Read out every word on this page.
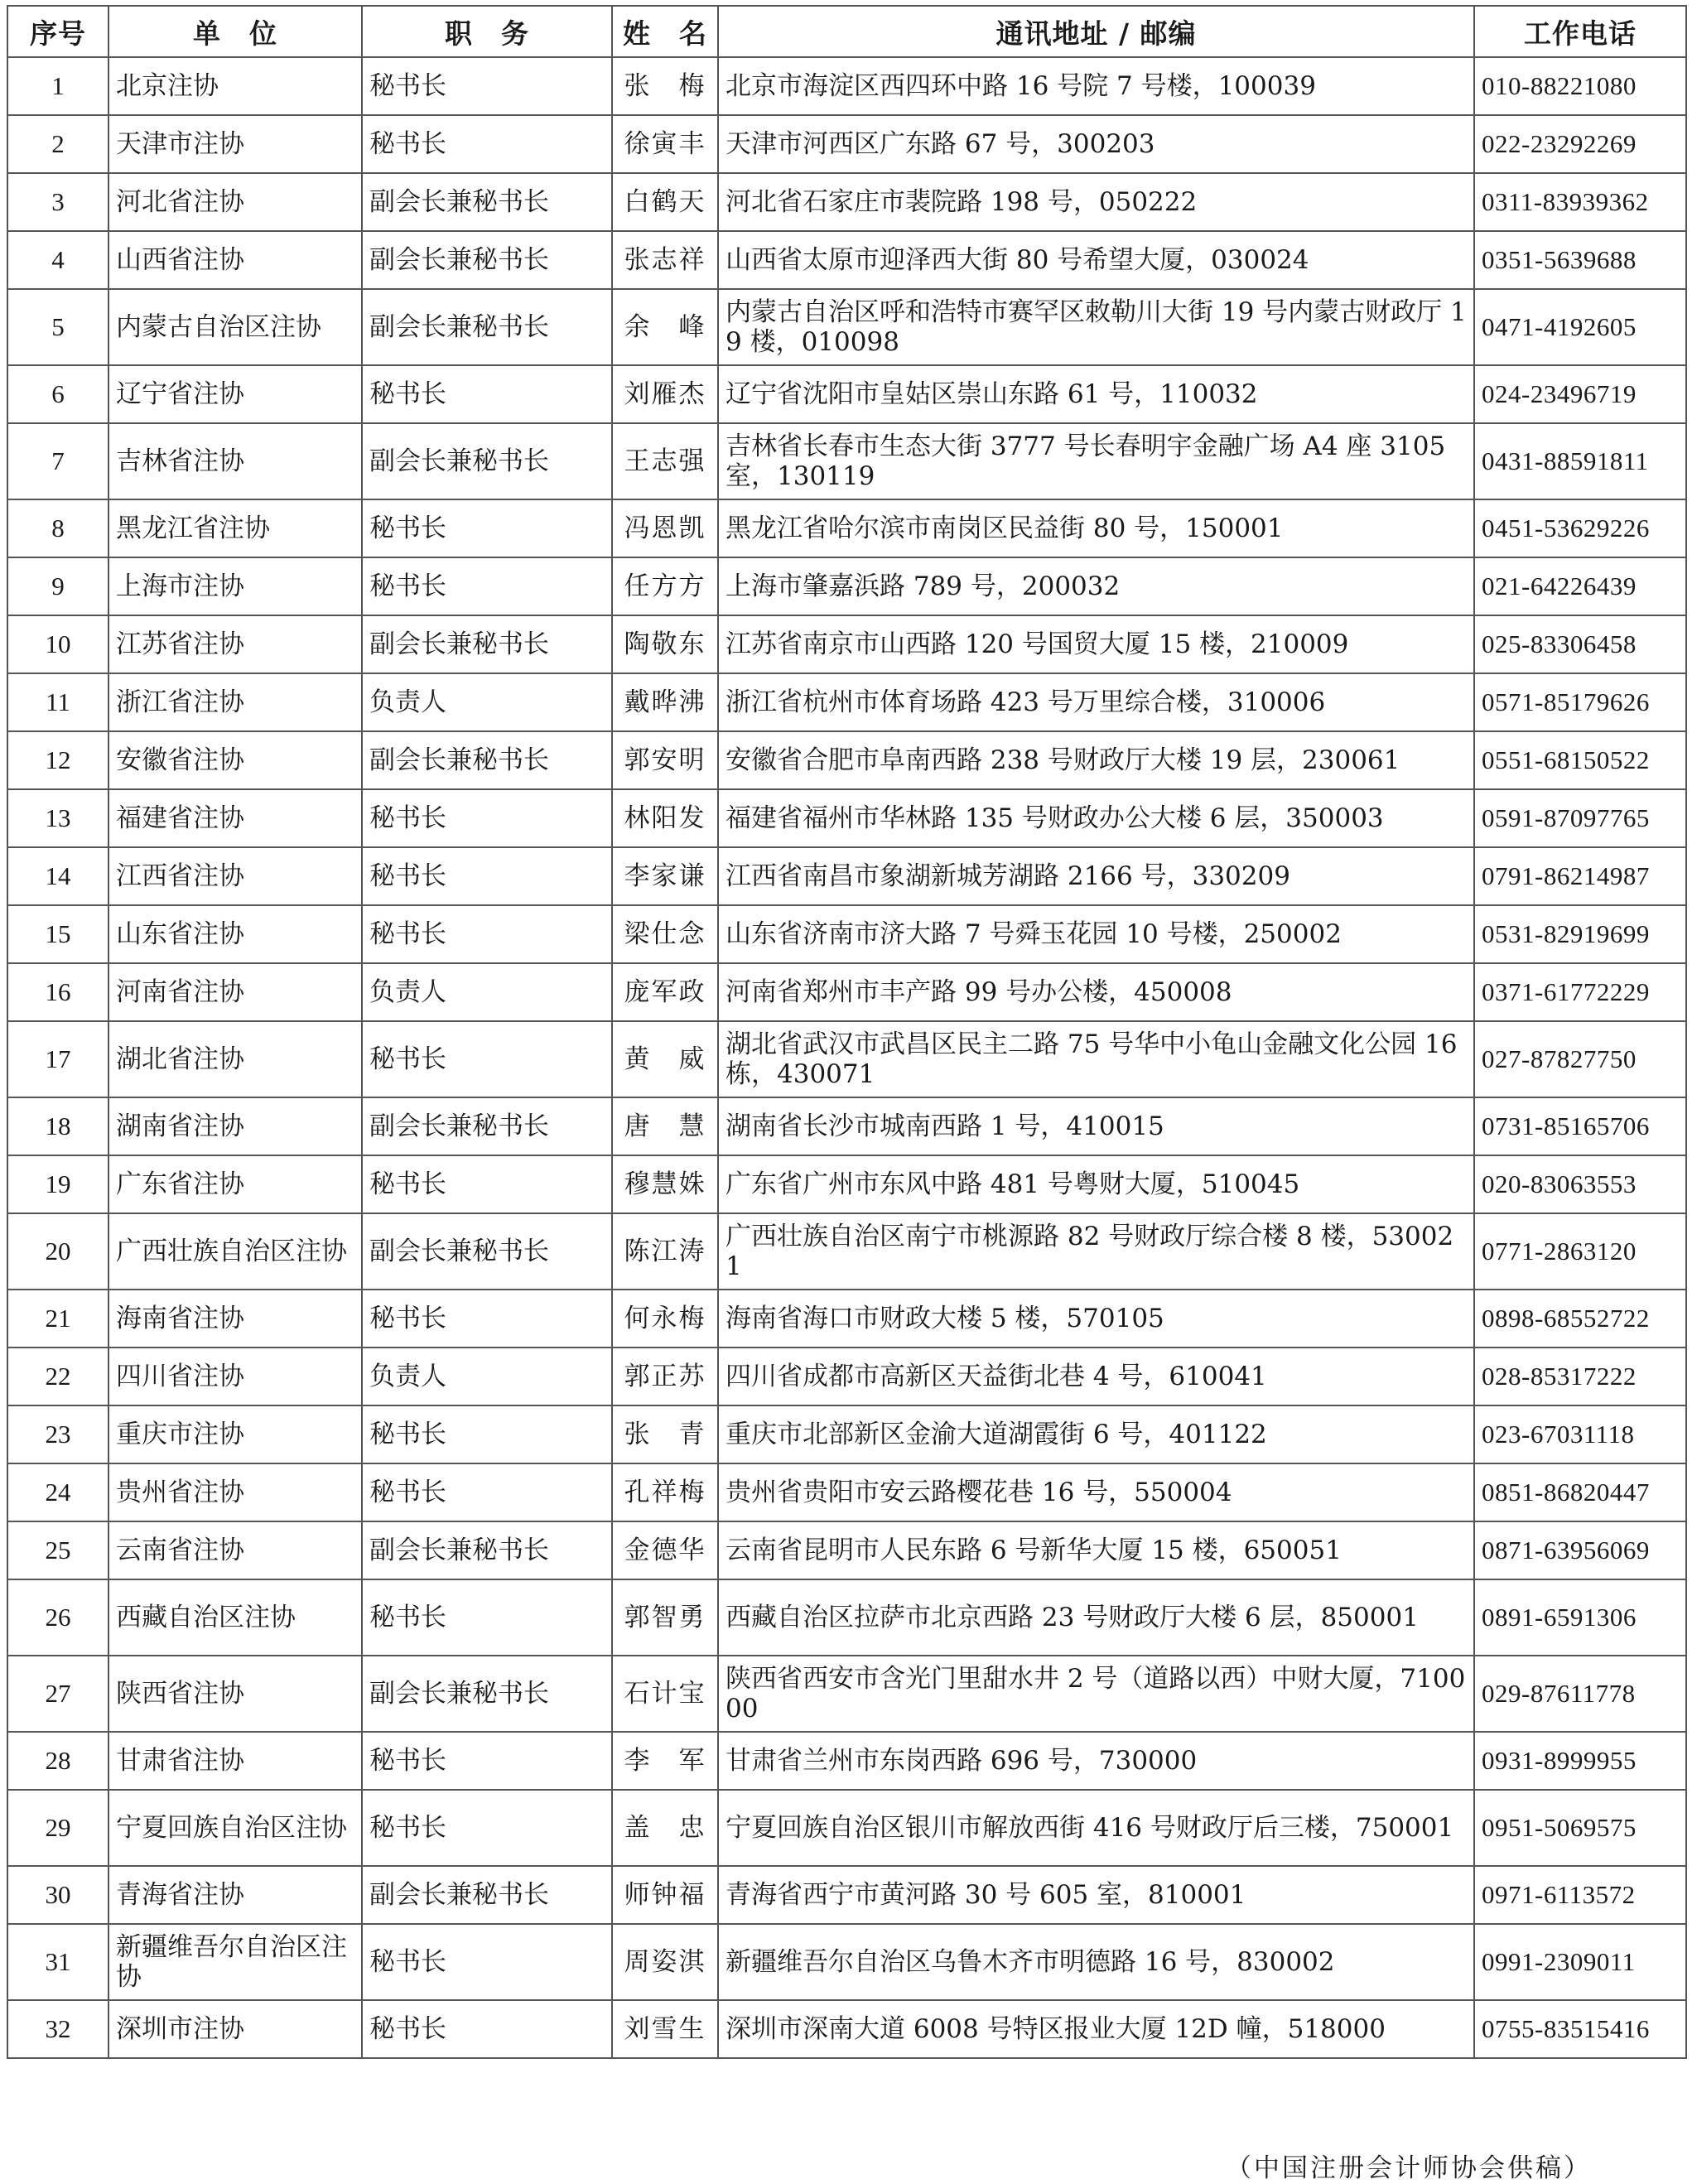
序号	单　位	职　务	姓　名	通讯地址 / 邮编	工作电话
1	北京注协	秘书长	张　梅	北京市海淀区西四环中路 16 号院 7 号楼，100039	010-88221080
2	天津市注协	秘书长	徐寅丰	天津市河西区广东路 67 号，300203	022-23292269
3	河北省注协	副会长兼秘书长	白鹤天	河北省石家庄市裴院路 198 号，050222	0311-83939362
4	山西省注协	副会长兼秘书长	张志祥	山西省太原市迎泽西大街 80 号希望大厦，030024	0351-5639688
5	内蒙古自治区注协	副会长兼秘书长	余　峰	内蒙古自治区呼和浩特市赛罕区敕勒川大街 19 号内蒙古财政厅 19 楼，010098	0471-4192605
6	辽宁省注协	秘书长	刘雁杰	辽宁省沈阳市皇姑区崇山东路 61 号，110032	024-23496719
7	吉林省注协	副会长兼秘书长	王志强	吉林省长春市生态大街 3777 号长春明宇金融广场 A4 座 3105 室，130119	0431-88591811
8	黑龙江省注协	秘书长	冯恩凯	黑龙江省哈尔滨市南岗区民益街 80 号，150001	0451-53629226
9	上海市注协	秘书长	任方方	上海市肇嘉浜路 789 号，200032	021-64226439
10	江苏省注协	副会长兼秘书长	陶敬东	江苏省南京市山西路 120 号国贸大厦 15 楼，210009	025-83306458
11	浙江省注协	负责人	戴晔沸	浙江省杭州市体育场路 423 号万里综合楼，310006	0571-85179626
12	安徽省注协	副会长兼秘书长	郭安明	安徽省合肥市阜南西路 238 号财政厅大楼 19 层，230061	0551-68150522
13	福建省注协	秘书长	林阳发	福建省福州市华林路 135 号财政办公大楼 6 层，350003	0591-87097765
14	江西省注协	秘书长	李家谦	江西省南昌市象湖新城芳湖路 2166 号，330209	0791-86214987
15	山东省注协	秘书长	梁仕念	山东省济南市济大路 7 号舜玉花园 10 号楼，250002	0531-82919699
16	河南省注协	负责人	庞军政	河南省郑州市丰产路 99 号办公楼，450008	0371-61772229
17	湖北省注协	秘书长	黄　威	湖北省武汉市武昌区民主二路 75 号华中小龟山金融文化公园 16 栋，430071	027-87827750
18	湖南省注协	副会长兼秘书长	唐　慧	湖南省长沙市城南西路 1 号，410015	0731-85165706
19	广东省注协	秘书长	穆慧姝	广东省广州市东风中路 481 号粤财大厦，510045	020-83063553
20	广西壮族自治区注协	副会长兼秘书长	陈江涛	广西壮族自治区南宁市桃源路 82 号财政厅综合楼 8 楼，530021	0771-2863120
21	海南省注协	秘书长	何永梅	海南省海口市财政大楼 5 楼，570105	0898-68552722
22	四川省注协	负责人	郭正苏	四川省成都市高新区天益街北巷 4 号，610041	028-85317222
23	重庆市注协	秘书长	张　青	重庆市北部新区金渝大道湖霞街 6 号，401122	023-67031118
24	贵州省注协	秘书长	孔祥梅	贵州省贵阳市安云路樱花巷 16 号，550004	0851-86820447
25	云南省注协	副会长兼秘书长	金德华	云南省昆明市人民东路 6 号新华大厦 15 楼，650051	0871-63956069
26	西藏自治区注协	秘书长	郭智勇	西藏自治区拉萨市北京西路 23 号财政厅大楼 6 层，850001	0891-6591306
27	陕西省注协	副会长兼秘书长	石计宝	陕西省西安市含光门里甜水井 2 号（道路以西）中财大厦，710000	029-87611778
28	甘肃省注协	秘书长	李　军	甘肃省兰州市东岗西路 696 号，730000	0931-8999955
29	宁夏回族自治区注协	秘书长	盖　忠	宁夏回族自治区银川市解放西街 416 号财政厅后三楼，750001	0951-5069575
30	青海省注协	副会长兼秘书长	师钟福	青海省西宁市黄河路 30 号 605 室，810001	0971-6113572
31	新疆维吾尔自治区注协	秘书长	周姿淇	新疆维吾尔自治区乌鲁木齐市明德路 16 号，830002	0991-2309011
32	深圳市注协	秘书长	刘雪生	深圳市深南大道 6008 号特区报业大厦 12D 幢，518000	0755-83515416
（中国注册会计师协会供稿）
